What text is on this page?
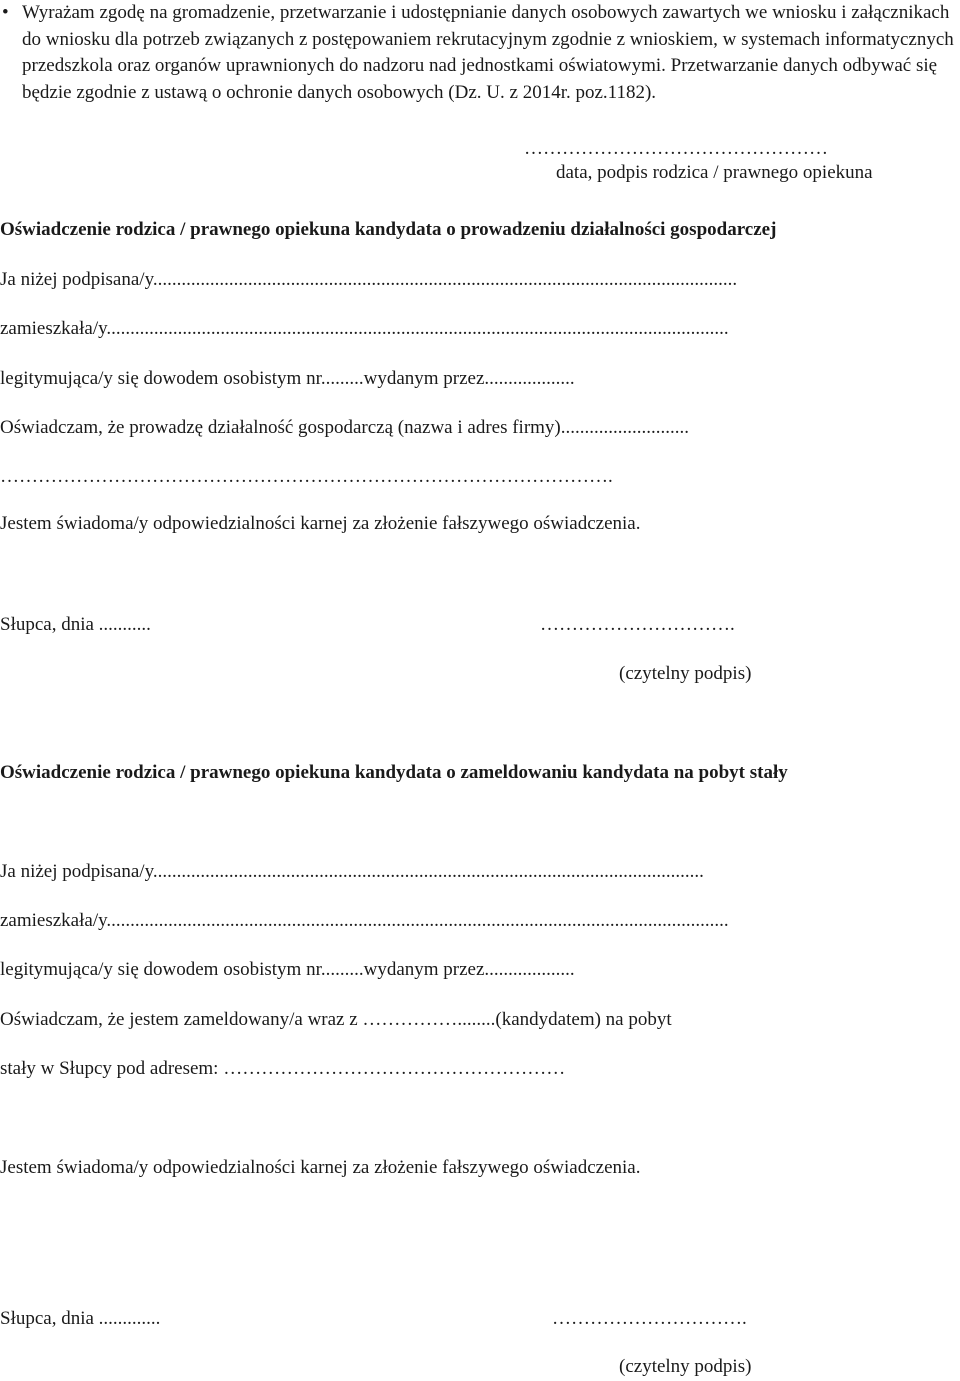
• Wyrażam zgodę na gromadzenie, przetwarzanie i udostępnianie danych osobowych zawartych we wniosku i załącznikach do wniosku dla potrzeb związanych z postępowaniem rekrutacyjnym zgodnie z wnioskiem, w systemach informatycznych przedszkola oraz organów uprawnionych do nadzoru nad jednostkami oświatowymi. Przetwarzanie danych odbywać się będzie zgodnie z ustawą o ochronie danych osobowych (Dz. U. z 2014r. poz.1182).
…………………………………………
data, podpis rodzica / prawnego opiekuna
Oświadczenie rodzica / prawnego opiekuna kandydata o prowadzeniu działalności gospodarczej
Ja niżej podpisana/y...........................................................................................................................
zamieszkała/y...................................................................................................................................
legitymująca/y się dowodem osobistym nr.........wydanym przez...................
Oświadczam, że prowadzę działalność gospodarczą (nazwa i adres firmy)...........................
…………………………………………………………………………………….
Jestem świadoma/y odpowiedzialności karnej za złożenie fałszywego oświadczenia.
Słupca, dnia ...........	………………………….
(czytelny podpis)
Oświadczenie rodzica / prawnego opiekuna kandydata o zameldowaniu kandydata na pobyt stały
Ja niżej podpisana/y....................................................................................................................
zamieszkała/y...................................................................................................................................
legitymująca/y się dowodem osobistym nr.........wydanym przez...................
Oświadczam, że jestem zameldowany/a wraz z ……………........(kandydatem) na pobyt
stały w Słupcy pod adresem: ………………………………………………
Jestem świadoma/y odpowiedzialności karnej za złożenie fałszywego oświadczenia.
Słupca, dnia .............	………………………….
(czytelny podpis)
